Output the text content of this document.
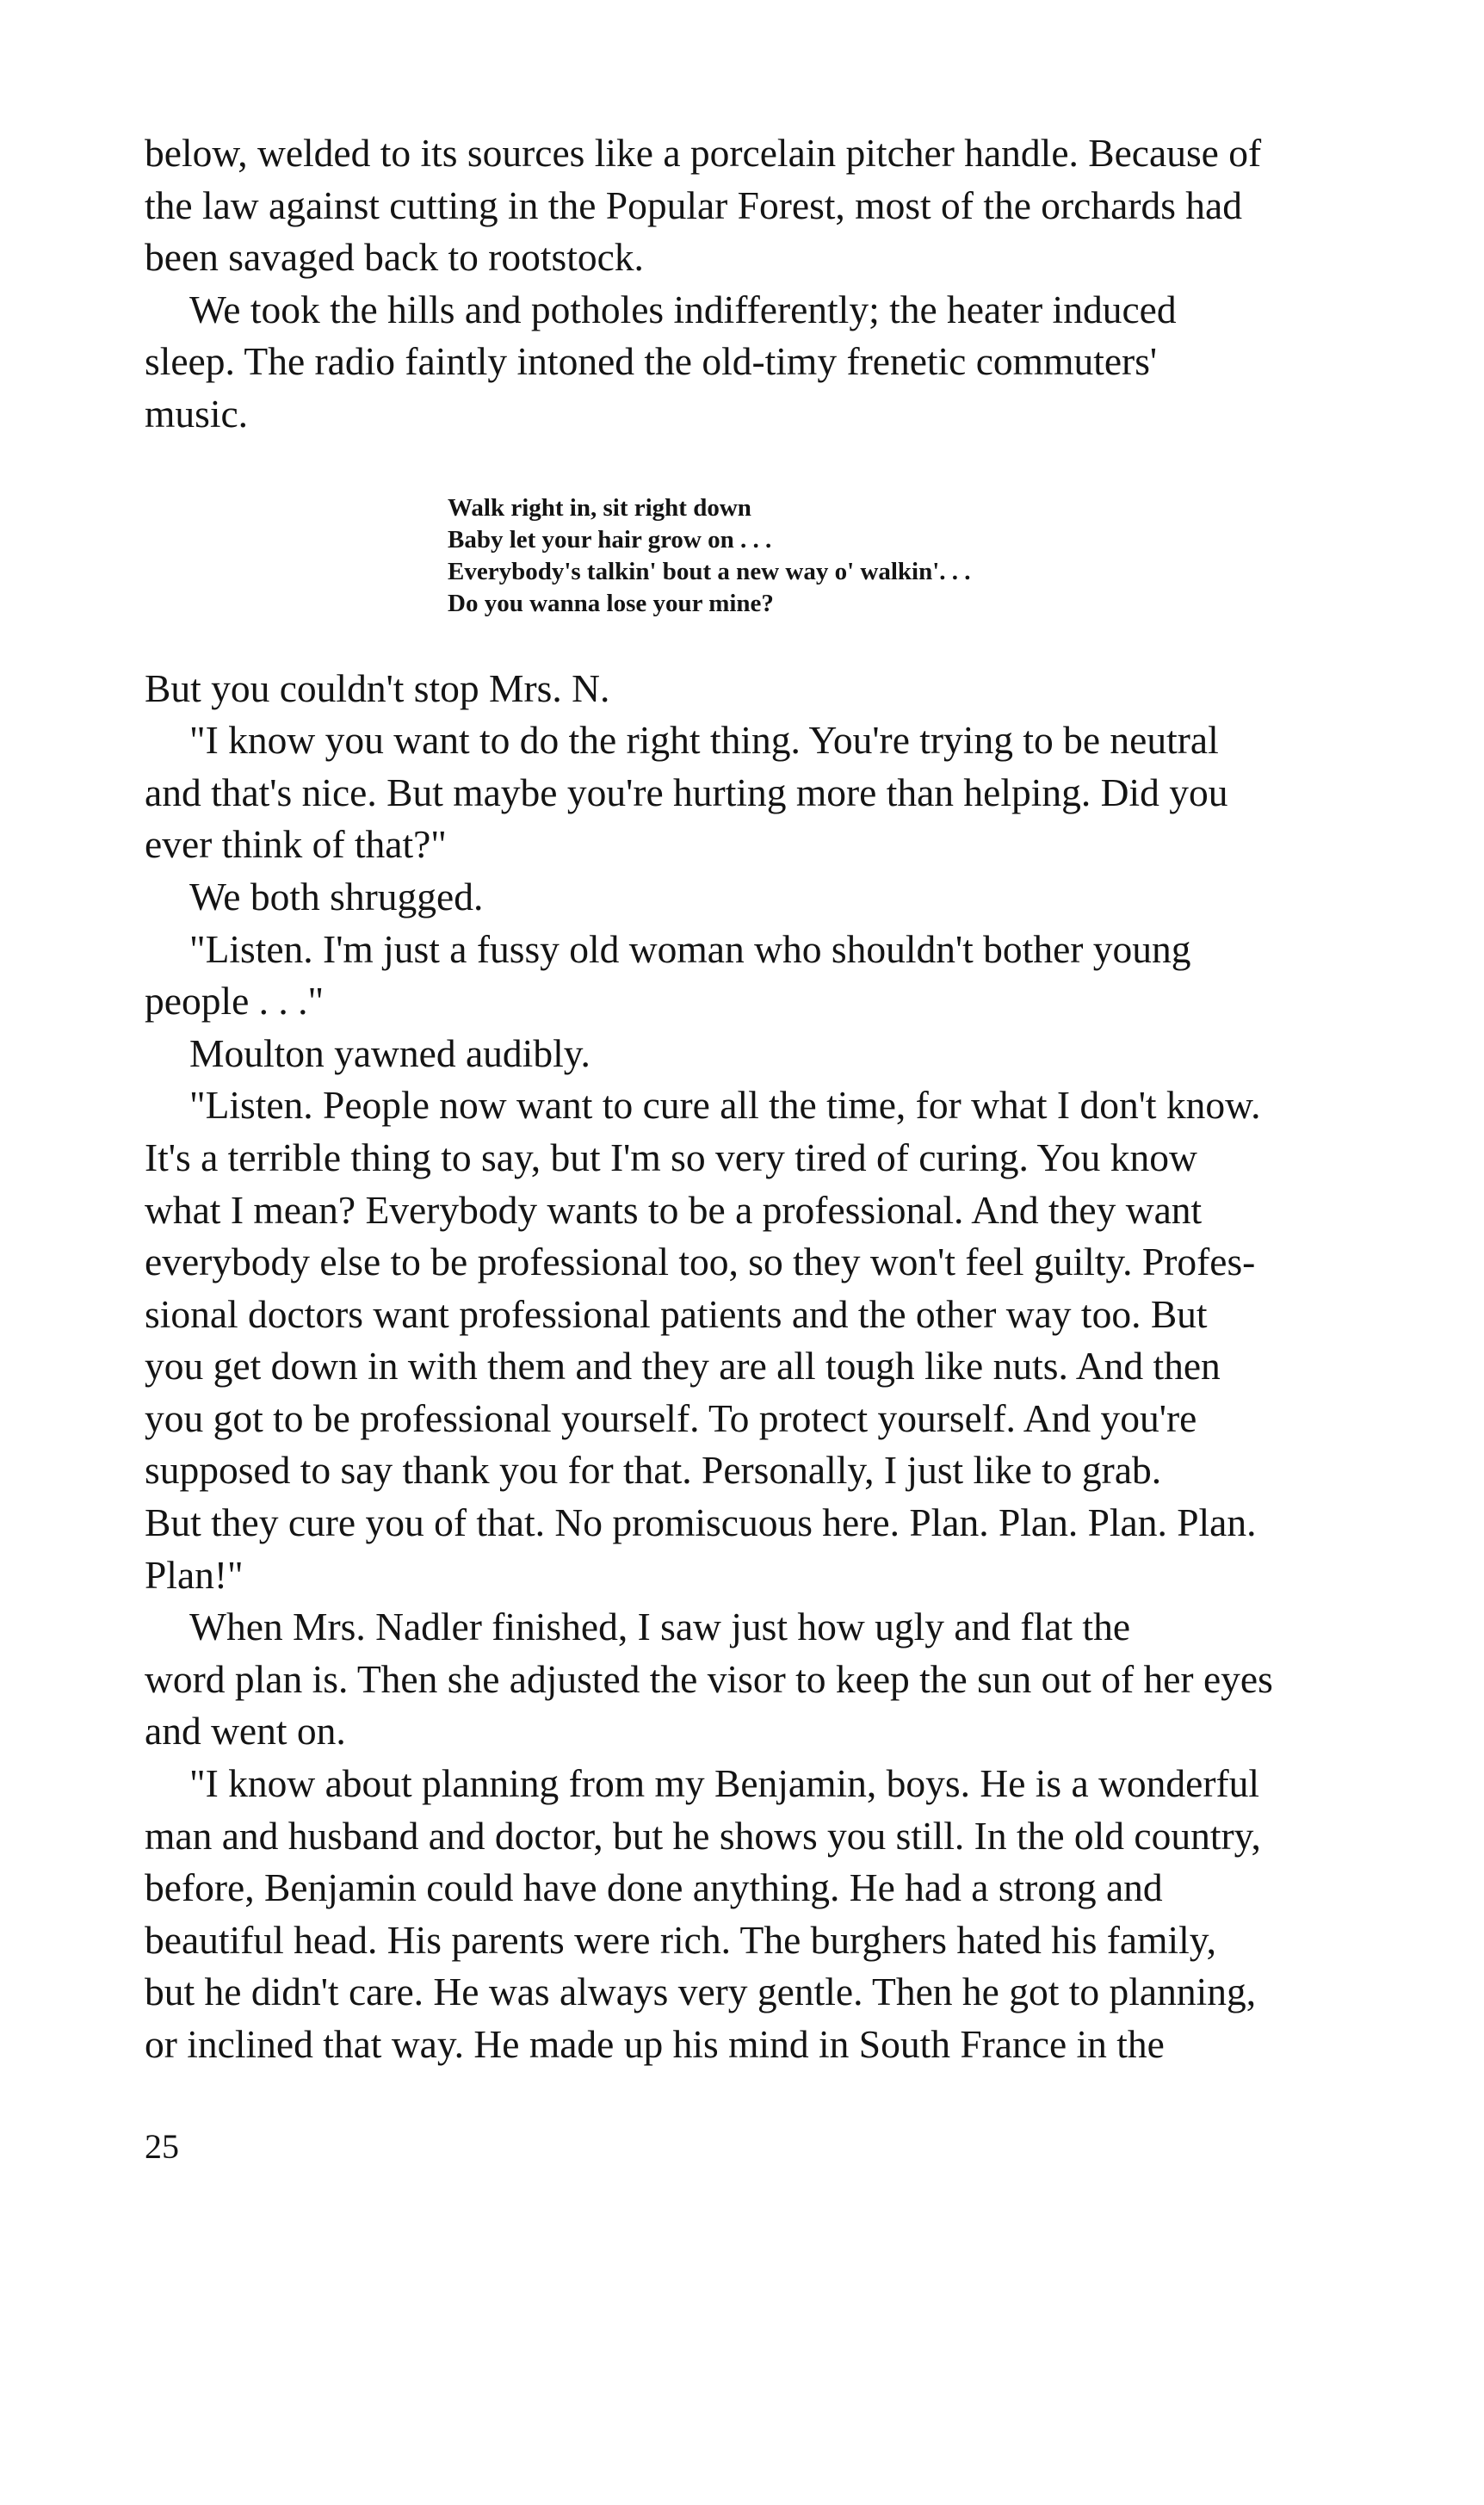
below, welded to its sources like a porcelain pitcher handle. Because of
the law against cutting in the Popular Forest, most of the orchards had
been savaged back to rootstock.

We took the hills and potholes indifferently; the heater induced
sleep. The radio faintly intoned the old-timy frenetic commuters'
music.

Walk right in, sit right down
Baby let your hair grow on . . .
Everybody's talkin' bout a new way o' walkin'. . .
Do you wanna lose your mine?

But you couldn't stop Mrs. N.

"I know you want to do the right thing. You're trying to be neutral
and that's nice. But maybe you're hurting more than helping. Did you
ever think of that?"

We both shrugged.

"Listen. I'm just a fussy old woman who shouldn't bother young
people . . ."

Moulton yawned audibly.

"Listen. People now want to cure all the time, for what I don't know.
It's a terrible thing to say, but I'm so very tired of curing. You know
what I mean? Everybody wants to be a professional. And they want
everybody else to be professional too, so they won't feel guilty. Profes-
sional doctors want professional patients and the other way too. But
you get down in with them and they are all tough like nuts. And then
you got to be professional yourself. To protect yourself. And you're
supposed to say thank you for that. Personally, I just like to grab.
But they cure you of that. No promiscuous here. Plan. Plan. Plan. Plan.
Plan!"

When Mrs. Nadler finished, I saw just how ugly and flat the
word plan is. Then she adjusted the visor to keep the sun out of her eyes
and went on.

"I know about planning from my Benjamin, boys. He is a wonderful
man and husband and doctor, but he shows you still. In the old country,
before, Benjamin could have done anything. He had a strong and
beautiful head. His parents were rich. The burghers hated his family,
but he didn't care. He was always very gentle. Then he got to planning,
or inclined that way. He made up his mind in South France in the

25
